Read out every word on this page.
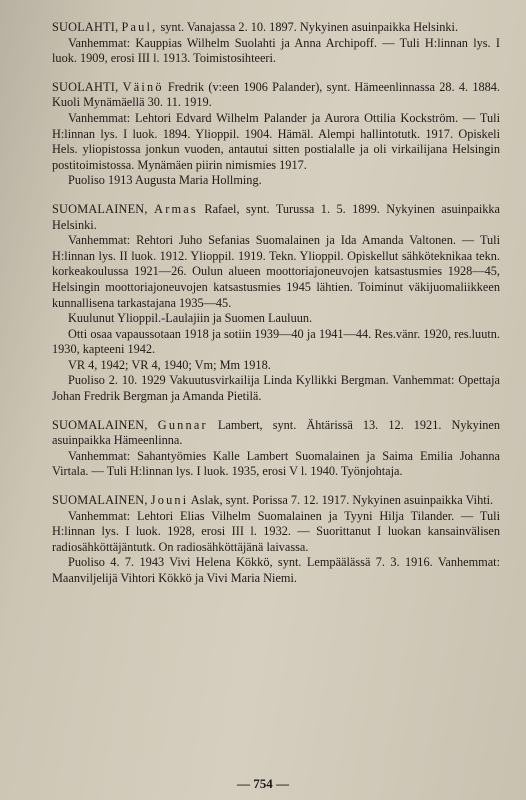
SUOLAHTI, Paul, synt. Vanajassa 2. 10. 1897. Nykyinen asuinpaikka Helsinki.

Vanhemmat: Kauppias Wilhelm Suolahti ja Anna Archipoff. — Tuli H:linnan lys. I luok. 1909, erosi III l. 1913. Toimistosihteeri.

SUOLAHTI, Väinö Fredrik (v:een 1906 Palander), synt. Hämeenlinnassa 28. 4. 1884. Kuoli Mynämäellä 30. 11. 1919.

Vanhemmat: Lehtori Edvard Wilhelm Palander ja Aurora Ottilia Kockström. — Tuli H:linnan lys. I luok. 1894. Ylioppil. 1904. Hämäl. Alempi hallintotutk. 1917. Opiskeli Hels. yliopistossa jonkun vuoden, antautui sitten postialalle ja oli virkailijana Helsingin postitoimistossa. Mynämäen piirin nimismies 1917.

Puoliso 1913 Augusta Maria Hollming.

SUOMALAINEN, Armas Rafael, synt. Turussa 1. 5. 1899. Nykyinen asuinpaikka Helsinki.

Vanhemmat: Rehtori Juho Sefanias Suomalainen ja Ida Amanda Valtonen. — Tuli H:linnan lys. II luok. 1912. Ylioppil. 1919. Tekn. Ylioppil. Opiskellut sähköteknikaa tekn. korkeakoulussa 1921—26. Oulun alueen moottoriajoneuvojen katsastusmies 1928—45, Helsingin moottoriajoneuvojen katsastusmies 1945 lähtien. Toiminut väkijuomaliikkeen kunnallisena tarkastajana 1935—45.

Kuulunut Ylioppil.-Laulajiin ja Suomen Lauluun.

Otti osaa vapaussotaan 1918 ja sotiin 1939—40 ja 1941—44. Res.vänr. 1920, res.luutn. 1930, kapteeni 1942.

VR 4, 1942; VR 4, 1940; Vm; Mm 1918.

Puoliso 2. 10. 1929 Vakuutusvirkailija Linda Kyllikki Bergman. Vanhemmat: Opettaja Johan Fredrik Bergman ja Amanda Pietilä.

SUOMALAINEN, Gunnar Lambert, synt. Ähtärissä 13. 12. 1921. Nykyinen asuinpaikka Hämeenlinna.

Vanhemmat: Sahantyömies Kalle Lambert Suomalainen ja Saima Emilia Johanna Virtala. — Tuli H:linnan lys. I luok. 1935, erosi V l. 1940. Työnjohtaja.

SUOMALAINEN, Jouni Aslak, synt. Porissa 7. 12. 1917. Nykyinen asuinpaikka Vihti.

Vanhemmat: Lehtori Elias Vilhelm Suomalainen ja Tyyni Hilja Tilander. — Tuli H:linnan lys. I luok. 1928, erosi III l. 1932. — Suorittanut I luokan kansainvälisen radiosähköttäjäntutk. On radiosähköttäjänä laivassa.

Puoliso 4. 7. 1943 Vivi Helena Kökkö, synt. Lempäälässä 7. 3. 1916. Vanhemmat: Maanviljelijä Vihtori Kökkö ja Vivi Maria Niemi.

— 754 —
